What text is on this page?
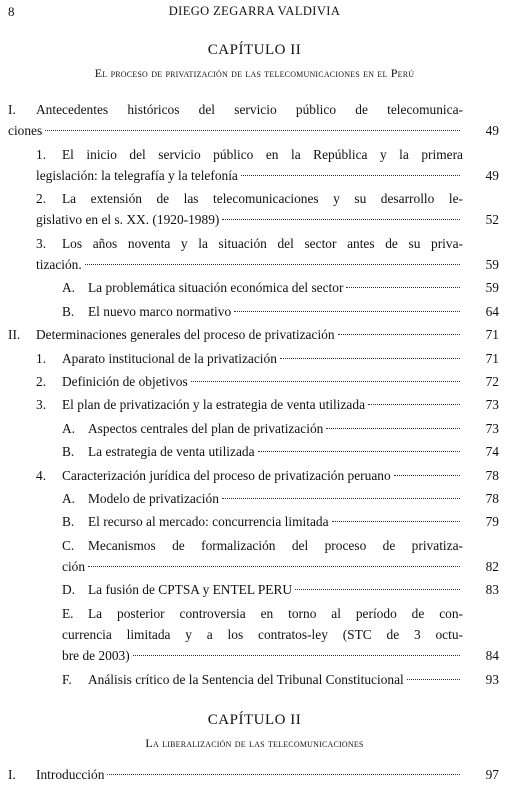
8	DIEGO ZEGARRA VALDIVIA
CAPÍTULO II
El proceso de privatización de las telecomunicaciones en el Perú
I. Antecedentes históricos del servicio público de telecomunica-
ciones	49
1. El inicio del servicio público en la República y la primera
legislación: la telegrafía y la telefonía	49
2. La extensión de las telecomunicaciones y su desarrollo le-
gislativo en el s. XX. (1920-1989)	52
3. Los años noventa y la situación del sector antes de su priva-
tización.	59
A. La problemática situación económica del sector	59
B. El nuevo marco normativo	64
II. Determinaciones generales del proceso de privatización	71
1. Aparato institucional de la privatización	71
2. Definición de objetivos	72
3. El plan de privatización y la estrategia de venta utilizada	73
A. Aspectos centrales del plan de privatización	73
B. La estrategia de venta utilizada	74
4. Caracterización jurídica del proceso de privatización peruano	78
A. Modelo de privatización	78
B. El recurso al mercado: concurrencia limitada	79
C. Mecanismos de formalización del proceso de privatiza-
ción	82
D. La fusión de CPTSA y ENTEL PERU	83
E. La posterior controversia en torno al período de con-
currencia limitada y a los contratos-ley (STC de 3 octu-
bre de 2003)	84
F. Análisis crítico de la Sentencia del Tribunal Constitucional	93
CAPÍTULO II
La liberalización de las telecomunicaciones
I. Introducción	97
